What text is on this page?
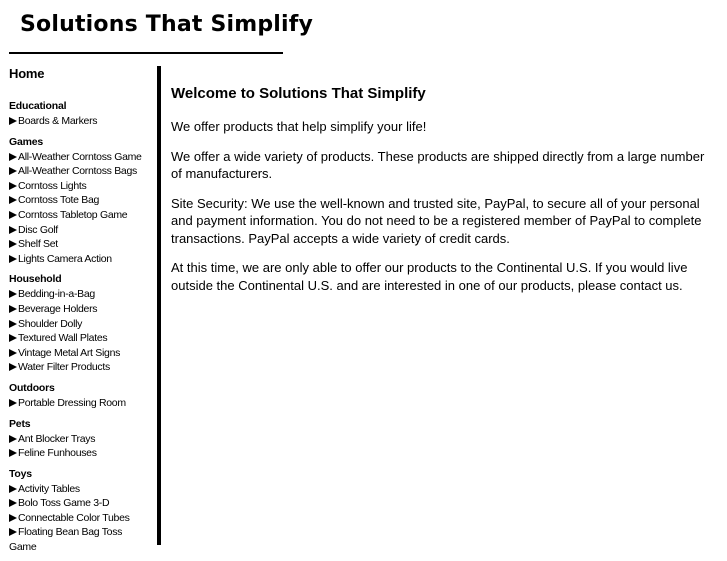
Solutions That Simplify
Home
Educational
Boards & Markers
Games
All-Weather Corntoss Game
All-Weather Corntoss Bags
Corntoss Lights
Corntoss Tote Bag
Corntoss Tabletop Game
Disc Golf
Shelf Set
Lights Camera Action
Household
Bedding-in-a-Bag
Beverage Holders
Shoulder Dolly
Textured Wall Plates
Vintage Metal Art Signs
Water Filter Products
Outdoors
Portable Dressing Room
Pets
Ant Blocker Trays
Feline Funhouses
Toys
Activity Tables
Bolo Toss Game 3-D
Connectable Color Tubes
Floating Bean Bag Toss
Game
Welcome to Solutions That Simplify

We offer products that help simplify your life!

We offer a wide variety of products. These products are shipped directly from a large number of manufacturers.

Site Security: We use the well-known and trusted site, PayPal, to secure all of your personal and payment information. You do not need to be a registered member of PayPal to complete transactions. PayPal accepts a wide variety of credit cards.

At this time, we are only able to offer our products to the Continental U.S. If you would live outside the Continental U.S. and are interested in one of our products, please contact us.
